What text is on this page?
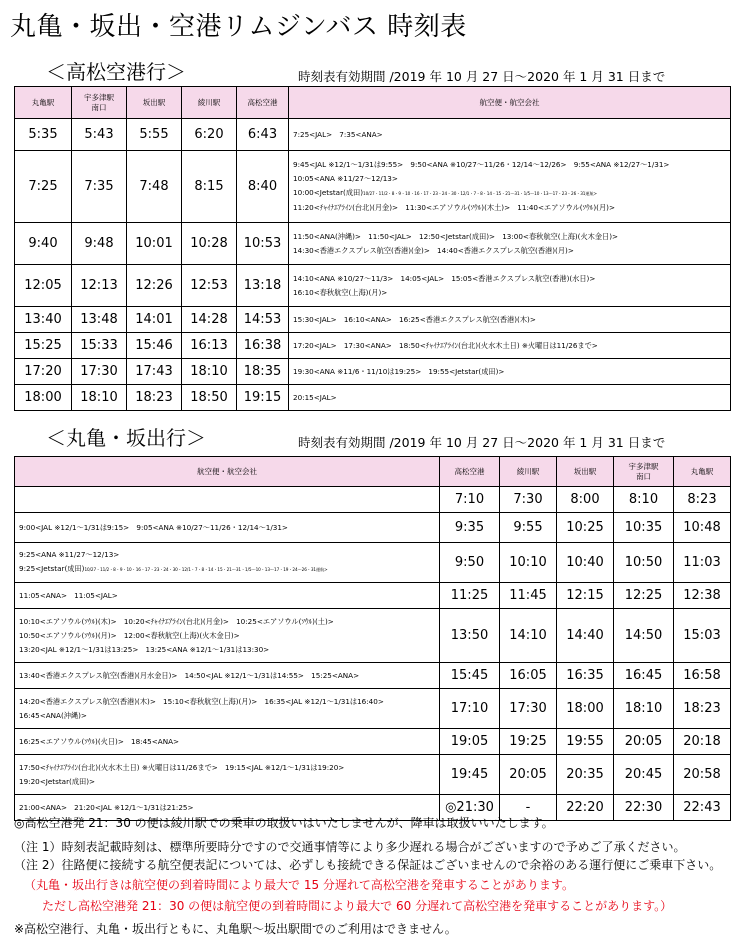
丸亀・坂出・空港リムジンバス 時刻表
＜高松空港行＞	時刻表有効期間 /2019 年 10 月 27 日～2020 年 1 月 31 日まで
丸亀駅	宇多津駅
南口	坂出駅	綾川駅	高松空港	航空便・航空会社
5:35	5:43	5:55	6:20	6:43	7:25<JAL>　7:35<ANA>

7:25	7:35	7:48	8:15	8:40	9:45<JAL ※12/1～1/31は9:55>　9:50<ANA ※10/27～11/26・12/14～12/26>　9:55<ANA ※12/27～1/31>
10:05<ANA ※11/27～12/13>
10:00<Jetstar(成田)10/27・11/2・8・9・10・16・17・23・24・30・12/1・7・8・14・15・21～31・1/5～10・13～17・23・26・31運航>
11:20<ﾁｬｲﾅｴｱﾗｲﾝ(台北)(月金)>　11:30<エアソウル(ｿｳﾙ)(木土)>　11:40<エアソウル(ｿｳﾙ)(月)>

9:40	9:48	10:01	10:28	10:53	11:50<ANA(沖縄)>　11:50<JAL>　12:50<Jetstar(成田)>　13:00<春秋航空(上海)(火木金日)>
14:30<香港エクスプレス航空(香港)(金)>　14:40<香港エクスプレス航空(香港)(月)>

12:05	12:13	12:26	12:53	13:18	14:10<ANA ※10/27～11/3>　14:05<JAL>　15:05<香港エクスプレス航空(香港)(水日)>
16:10<春秋航空(上海)(月)>

13:40	13:48	14:01	14:28	14:53	15:30<JAL>　16:10<ANA>　16:25<香港エクスプレス航空(香港)(木)>

15:25	15:33	15:46	16:13	16:38	17:20<JAL>　17:30<ANA>　18:50<ﾁｬｲﾅｴｱﾗｲﾝ(台北)(火水木土日) ※火曜日は11/26まで>

17:20	17:30	17:43	18:10	18:35	19:30<ANA ※11/6・11/10は19:25>　19:55<Jetstar(成田)>

18:00	18:10	18:23	18:50	19:15	20:15<JAL>
＜丸亀・坂出行＞	時刻表有効期間 /2019 年 10 月 27 日～2020 年 1 月 31 日まで
航空便・航空会社	高松空港	綾川駅	坂出駅	宇多津駅
南口	丸亀駅
	7:10	7:30	8:00	8:10	8:23

9:00<JAL ※12/1～1/31は9:15>　9:05<ANA ※10/27～11/26・12/14～1/31>	9:35	9:55	10:25	10:35	10:48

9:25<ANA ※11/27～12/13>
9:25<Jetstar(成田)10/27・11/2・8・9・10・16・17・23・24・30・12/1・7・8・14・15・21～31・1/5～10・13～17・19・24～26・31運航>	9:50	10:10	10:40	10:50	11:03

11:05<ANA>　11:05<JAL>	11:25	11:45	12:15	12:25	12:38

10:10<エアソウル(ｿｳﾙ)(木)>　10:20<ﾁｬｲﾅｴｱﾗｲﾝ(台北)(月金)>　10:25<エアソウル(ｿｳﾙ)(土)>
10:50<エアソウル(ｿｳﾙ)(月)>　12:00<春秋航空(上海)(火木金日)>
13:20<JAL ※12/1～1/31は13:25>　13:25<ANA ※12/1～1/31は13:30>	13:50	14:10	14:40	14:50	15:03

13:40<香港エクスプレス航空(香港)(月水金日)>　14:50<JAL ※12/1～1/31は14:55>　15:25<ANA>	15:45	16:05	16:35	16:45	16:58

14:20<香港エクスプレス航空(香港)(木)>　15:10<春秋航空(上海)(月)>　16:35<JAL ※12/1～1/31は16:40>
16:45<ANA(沖縄)>	17:10	17:30	18:00	18:10	18:23

16:25<エアソウル(ｿｳﾙ)(火日)>　18:45<ANA>	19:05	19:25	19:55	20:05	20:18

17:50<ﾁｬｲﾅｴｱﾗｲﾝ(台北)(火水木土日) ※火曜日は11/26まで>　19:15<JAL ※12/1～1/31は19:20>
19:20<Jetstar(成田)>	19:45	20:05	20:35	20:45	20:58

21:00<ANA>　21:20<JAL ※12/1～1/31は21:25>	◎21:30	-	22:20	22:30	22:43
◎高松空港発 21：30 の便は綾川駅での乗車の取扱いはいたしませんが、降車は取扱いいたします。
（注 1）時刻表記載時刻は、標準所要時分ですので交通事情等により多少遅れる場合がございますので予めご了承ください。
（注 2）往路便に接続する航空便表記については、必ずしも接続できる保証はございませんので余裕のある運行便にご乗車下さい。
（丸亀・坂出行きは航空便の到着時間により最大で 15 分遅れて高松空港を発車することがあります。
ただし高松空港発 21：30 の便は航空便の到着時間により最大で 60 分遅れて高松空港を発車することがあります。）
※高松空港行、丸亀・坂出行ともに、丸亀駅～坂出駅間でのご利用はできません。
